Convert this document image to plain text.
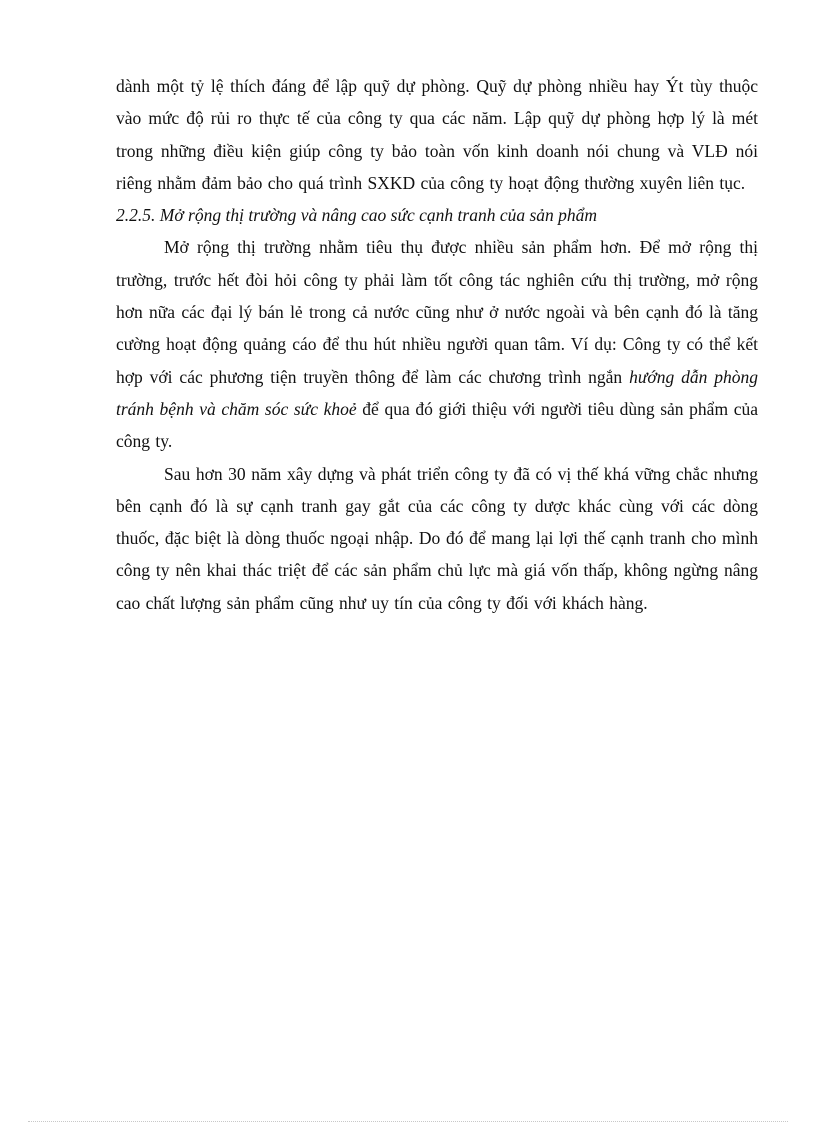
dành một tỷ lệ thích đáng để lập quỹ dự phòng. Quỹ dự phòng nhiều hay Ýt tùy thuộc vào mức độ rủi ro thực tế của công ty qua các năm. Lập quỹ dự phòng hợp lý là mét trong những điều kiện giúp công ty bảo toàn vốn kinh doanh nói chung và VLĐ nói riêng nhằm đảm bảo cho quá trình SXKD của công ty hoạt động thường xuyên liên tục.

2.2.5. Mở rộng thị trường và nâng cao sức cạnh tranh của sản phẩm

Mở rộng thị trường nhằm tiêu thụ được nhiều sản phẩm hơn. Để mở rộng thị trường, trước hết đòi hỏi công ty phải làm tốt công tác nghiên cứu thị trường, mở rộng hơn nữa các đại lý bán lẻ trong cả nước cũng như ở nước ngoài và bên cạnh đó là tăng cường hoạt động quảng cáo để thu hút nhiều người quan tâm. Ví dụ: Công ty có thể kết hợp với các phương tiện truyền thông để làm các chương trình ngắn hướng dẫn phòng tránh bệnh và chăm sóc sức khoẻ để qua đó giới thiệu với người tiêu dùng sản phẩm của công ty.

Sau hơn 30 năm xây dựng và phát triển công ty đã có vị thế khá vững chắc nhưng bên cạnh đó là sự cạnh tranh gay gắt của các công ty dược khác cùng với các dòng thuốc, đặc biệt là dòng thuốc ngoại nhập. Do đó để mang lại lợi thế cạnh tranh cho mình công ty nên khai thác triệt để các sản phẩm chủ lực mà giá vốn thấp, không ngừng nâng cao chất lượng sản phẩm cũng như uy tín của công ty đối với khách hàng.
